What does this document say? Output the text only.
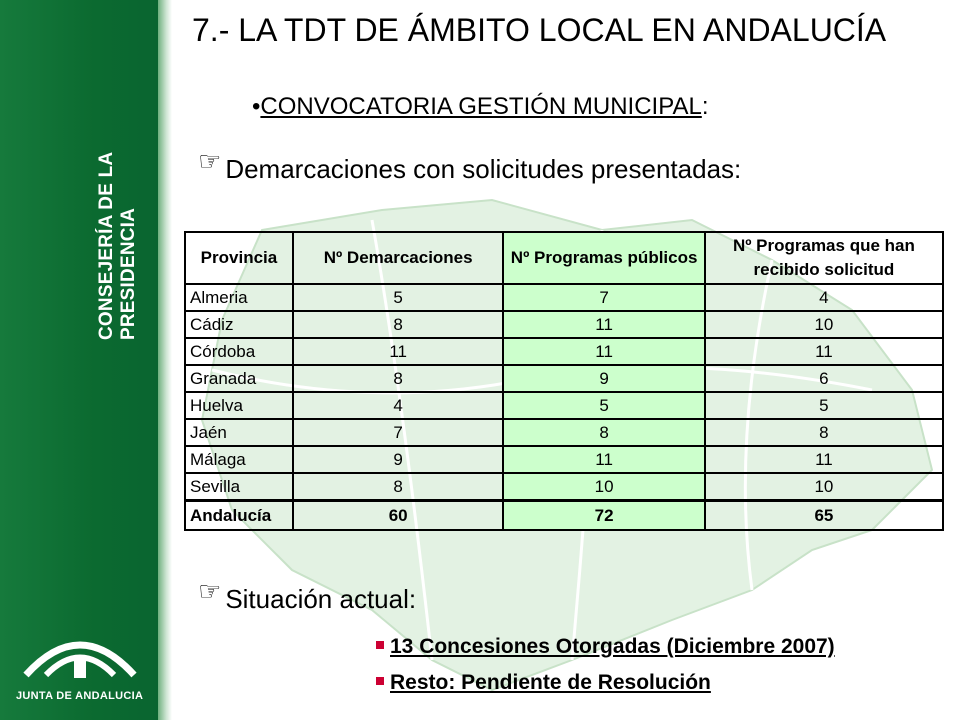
CONSEJERÍA DE LA PRESIDENCIA
JUNTA DE ANDALUCIA
7.- LA TDT DE ÁMBITO LOCAL EN ANDALUCÍA
•CONVOCATORIA GESTIÓN MUNICIPAL:
☞ Demarcaciones con solicitudes presentadas:
Provincia	Nº Demarcaciones	Nº Programas públicos	Nº Programas que han recibido solicitud
Almeria	5	7	4
Cádiz	8	11	10
Córdoba	11	11	11
Granada	8	9	6
Huelva	4	5	5
Jaén	7	8	8
Málaga	9	11	11
Sevilla	8	10	10
Andalucía	60	72	65
☞ Situación actual:
13 Concesiones Otorgadas (Diciembre 2007)
Resto: Pendiente de Resolución
